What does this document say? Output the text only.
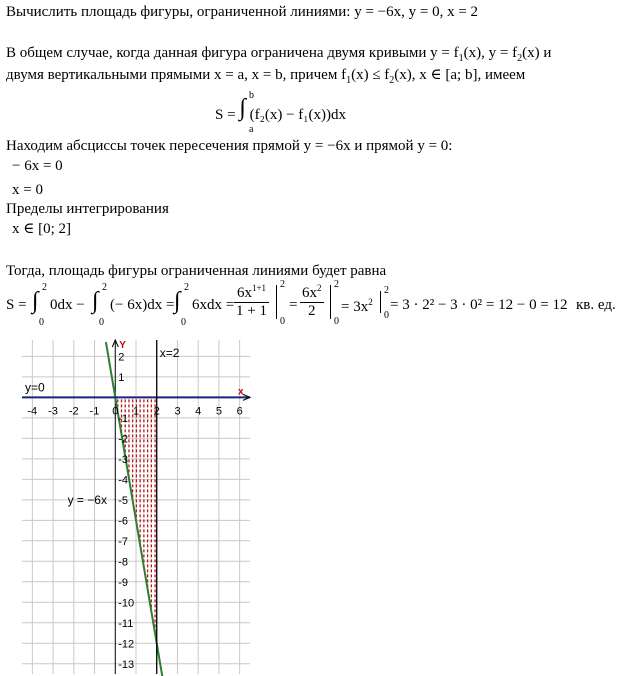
Вычислить площадь фигуры, ограниченной линиями: y = −6x, y = 0, x = 2
В общем случае, когда данная фигура ограничена двумя кривыми $y = f_1(x)$, $y = f_2(x)$ и
двумя вертикальными прямыми x = a, x = b, причем $f_1(x) \le f_2(x)$, x ∈ [a; b], имеем
S = ∫ b
a
(f₂(x) − f₁(x))dx
Находим абсциссы точек пересечения прямой y = −6x и прямой y = 0:
− 6x = 0
x = 0
Пределы интегрирования
x ∈ [0; 2]
Тогда, площадь фигуры ограниченная линиями будет равна
S = ∫
2
0
0dx − ∫
2
0
(− 6x)dx = ∫
2
0
$6xdx = \frac{6x^{1+1}}{1 + 1} 2$
0
= $\frac{6x^2}{2} 2$
0
= $3x^2$
2
0
= 3 · 2² − 3 · 0² = 12 − 0 = 12 кв. ед.
-4 -3 -2 -1 0 1 2 3 4 5 6
2
1
-1
-2
-3
-4
-5
-6
-7
-8
-9
-10
-11
-12
-13
x
Y
y=0
x=2
y = −6x
